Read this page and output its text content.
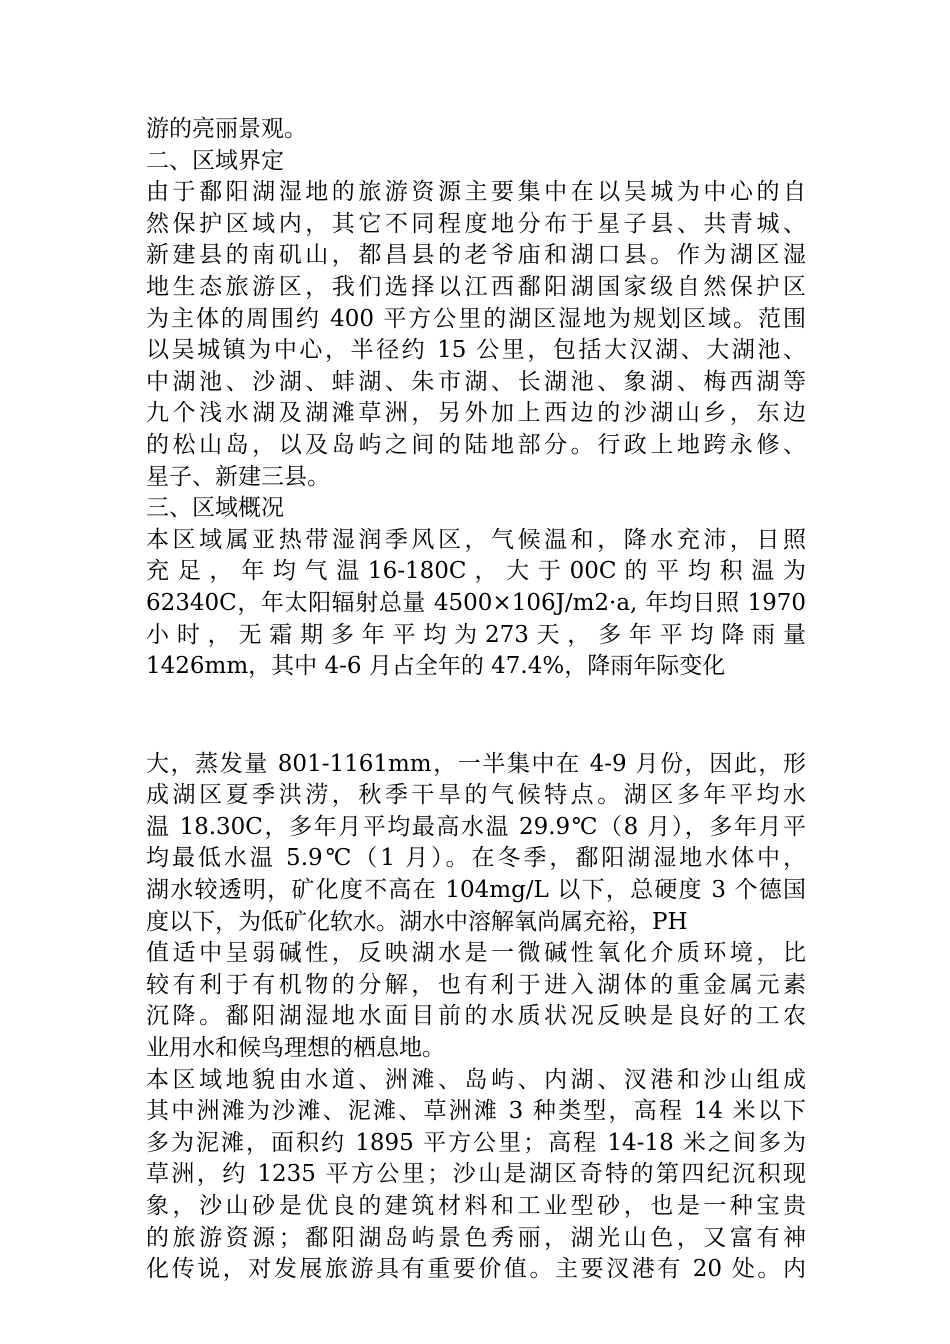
游的亮丽景观。
二、区域界定
由于鄱阳湖湿地的旅游资源主要集中在以吴城为中心的自
然保护区域内，其它不同程度地分布于星子县、共青城、
新建县的南矶山，都昌县的老爷庙和湖口县。作为湖区湿
地生态旅游区，我们选择以江西鄱阳湖国家级自然保护区
为主体的周围约 400 平方公里的湖区湿地为规划区域。范围
以吴城镇为中心，半径约 15 公里，包括大汉湖、大湖池、
中湖池、沙湖、蚌湖、朱市湖、长湖池、象湖、梅西湖等
九个浅水湖及湖滩草洲，另外加上西边的沙湖山乡，东边
的松山岛，以及岛屿之间的陆地部分。行政上地跨永修、
星子、新建三县。
三、区域概况
本区域属亚热带湿润季风区，气候温和，降水充沛，日照
充 足 ， 年 均 气 温 16-180C ， 大 于 00C 的 平 均 积 温 为
62340C，年太阳辐射总量 4500×106J/m2·a, 年均日照 1970
小 时 ， 无 霜 期 多 年 平 均 为 273 天 ， 多 年 平 均 降 雨 量
1426mm，其中 4-6 月占全年的 47.4%，降雨年际变化
大，蒸发量 801-1161mm，一半集中在 4-9 月份，因此，形
成湖区夏季洪涝，秋季干旱的气候特点。湖区多年平均水
温 18.30C，多年月平均最高水温 29.9℃（8 月），多年月平
均最低水温 5.9℃（1 月）。在冬季，鄱阳湖湿地水体中，
湖水较透明，矿化度不高在 104mg/L 以下，总硬度 3 个德国
度以下，为低矿化软水。湖水中溶解氧尚属充裕，PH
值适中呈弱碱性，反映湖水是一微碱性氧化介质环境，比
较有利于有机物的分解，也有利于进入湖体的重金属元素
沉降。鄱阳湖湿地水面目前的水质状况反映是良好的工农
业用水和候鸟理想的栖息地。
本区域地貌由水道、洲滩、岛屿、内湖、汊港和沙山组成
其中洲滩为沙滩、泥滩、草洲滩 3 种类型，高程 14 米以下
多为泥滩，面积约 1895 平方公里；高程 14-18 米之间多为
草洲，约 1235 平方公里；沙山是湖区奇特的第四纪沉积现
象，沙山砂是优良的建筑材料和工业型砂，也是一种宝贵
的旅游资源；鄱阳湖岛屿景色秀丽，湖光山色，又富有神
化传说，对发展旅游具有重要价值。主要汊港有 20 处。内
